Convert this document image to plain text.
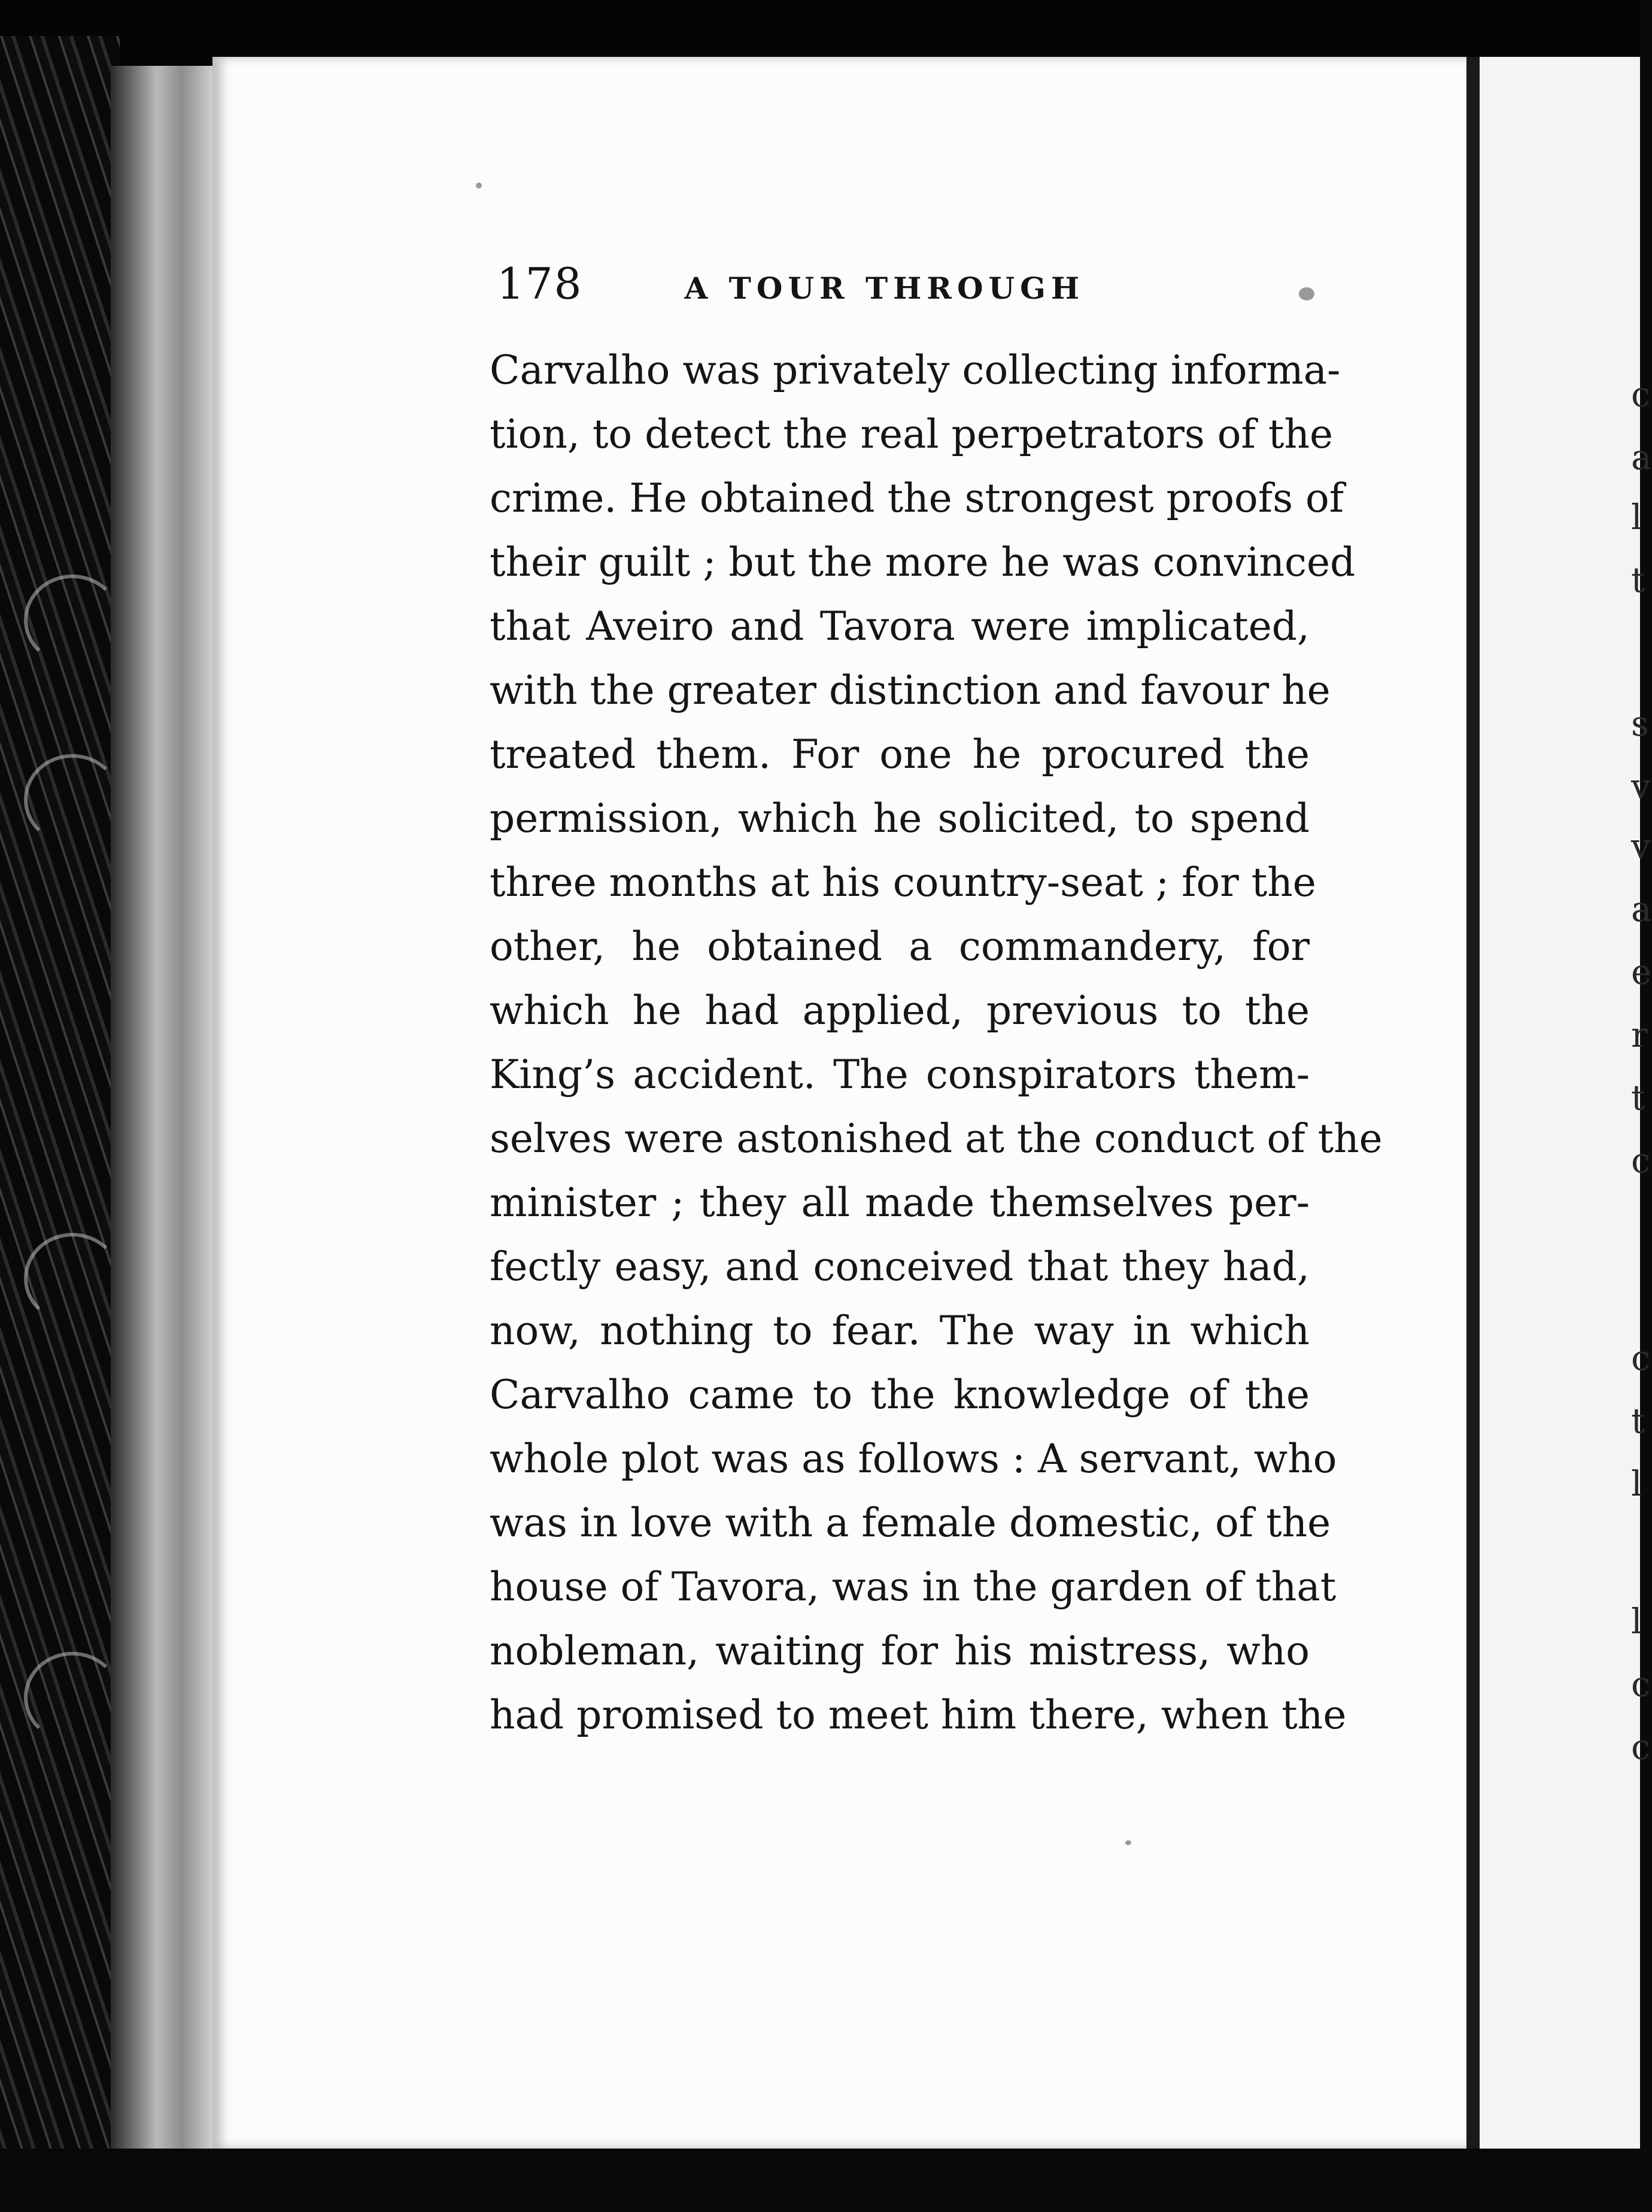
c
a
l
t
s
v
v
a
e
r
t
c
c
t
l
l
c
c
178	A TOUR THROUGH
Carvalho was privately collecting informa-
tion, to detect the real perpetrators of the
crime. He obtained the strongest proofs of
their guilt ; but the more he was convinced
that Aveiro and Tavora were implicated,
with the greater distinction and favour he
treated them. For one he procured the
permission, which he solicited, to spend
three months at his country-seat ; for the
other, he obtained a commandery, for
which he had applied, previous to the
King’s accident. The conspirators them-
selves were astonished at the conduct of the
minister ; they all made themselves per-
fectly easy, and conceived that they had,
now, nothing to fear. The way in which
Carvalho came to the knowledge of the
whole plot was as follows : A servant, who
was in love with a female domestic, of the
house of Tavora, was in the garden of that
nobleman, waiting for his mistress, who
had promised to meet him there, when the
